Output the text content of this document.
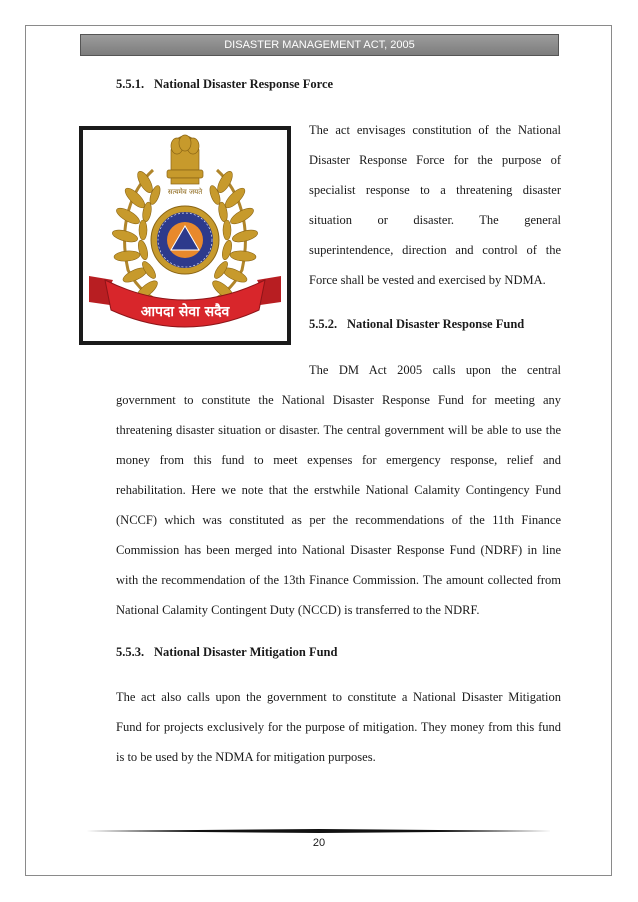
DISASTER MANAGEMENT ACT, 2005
5.5.1. National Disaster Response Force
सत्यमेव जयते
आपदा सेवा सदैव
The act envisages constitution of the National
Disaster Response Force for the purpose of
specialist response to a threatening disaster
situation or disaster. The general
superintendence, direction and control of the
Force shall be vested and exercised by NDMA.
5.5.2. National Disaster Response Fund
The DM Act 2005 calls upon the central
government to constitute the National Disaster Response Fund for meeting any
threatening disaster situation or disaster. The central government will be able to use the
money from this fund to meet expenses for emergency response, relief and
rehabilitation. Here we note that the erstwhile National Calamity Contingency Fund
(NCCF) which was constituted as per the recommendations of the 11th Finance
Commission has been merged into National Disaster Response Fund (NDRF) in line
with the recommendation of the 13th Finance Commission. The amount collected from
National Calamity Contingent Duty (NCCD) is transferred to the NDRF.
5.5.3. National Disaster Mitigation Fund
The act also calls upon the government to constitute a National Disaster Mitigation
Fund for projects exclusively for the purpose of mitigation. They money from this fund
is to be used by the NDMA for mitigation purposes.
20
